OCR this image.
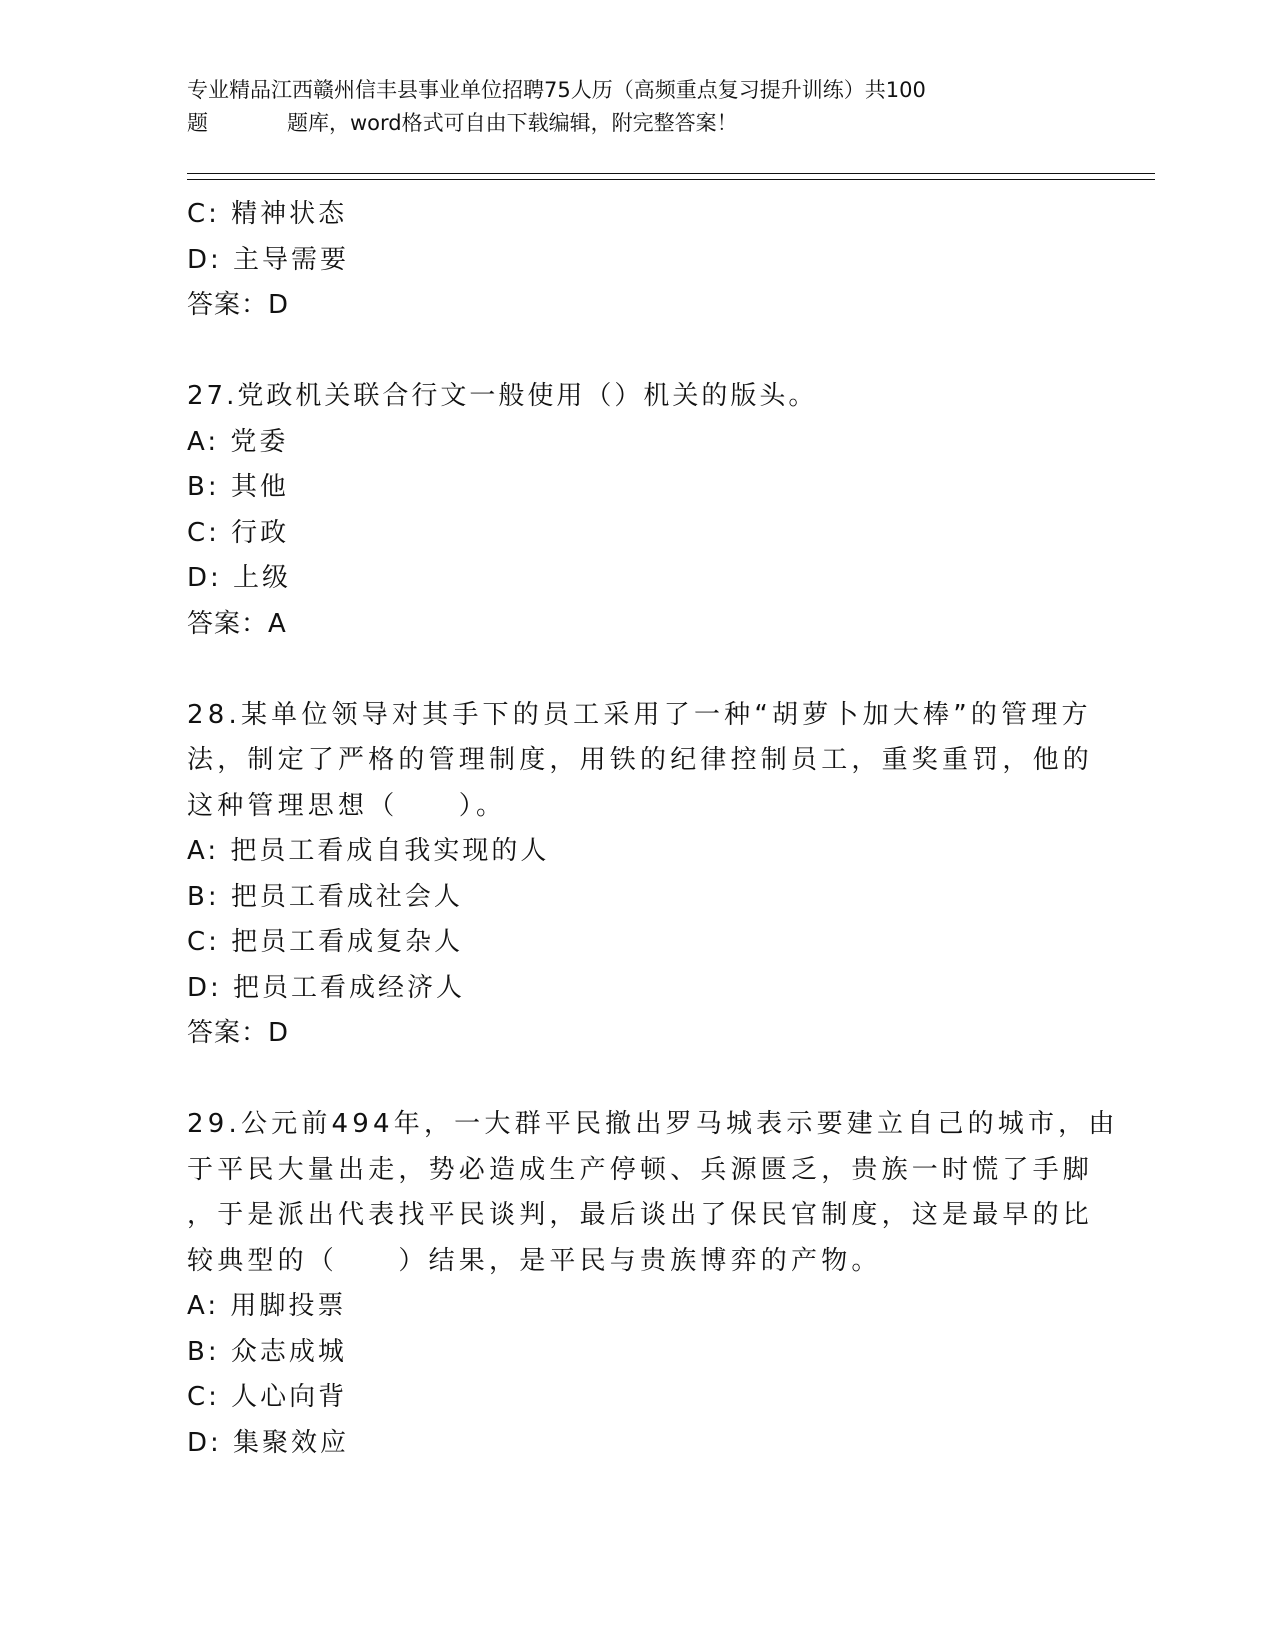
专业精品江西赣州信丰县事业单位招聘75人历（高频重点复习提升训练）共100
题	题库，word格式可自由下载编辑，附完整答案！
C: 精神状态
D: 主导需要
答案：D
27.党政机关联合行文一般使用（）机关的版头。
A: 党委
B: 其他
C: 行政
D: 上级
答案：A
28.某单位领导对其手下的员工采用了一种“胡萝卜加大棒”的管理方
法，制定了严格的管理制度，用铁的纪律控制员工，重奖重罚，他的
这种管理思想（　　）。
A: 把员工看成自我实现的人
B: 把员工看成社会人
C: 把员工看成复杂人
D: 把员工看成经济人
答案：D
29.公元前494年，一大群平民撤出罗马城表示要建立自己的城市，由
于平民大量出走，势必造成生产停顿、兵源匮乏，贵族一时慌了手脚
，于是派出代表找平民谈判，最后谈出了保民官制度，这是最早的比
较典型的（　　）结果，是平民与贵族博弈的产物。
A: 用脚投票
B: 众志成城
C: 人心向背
D: 集聚效应
